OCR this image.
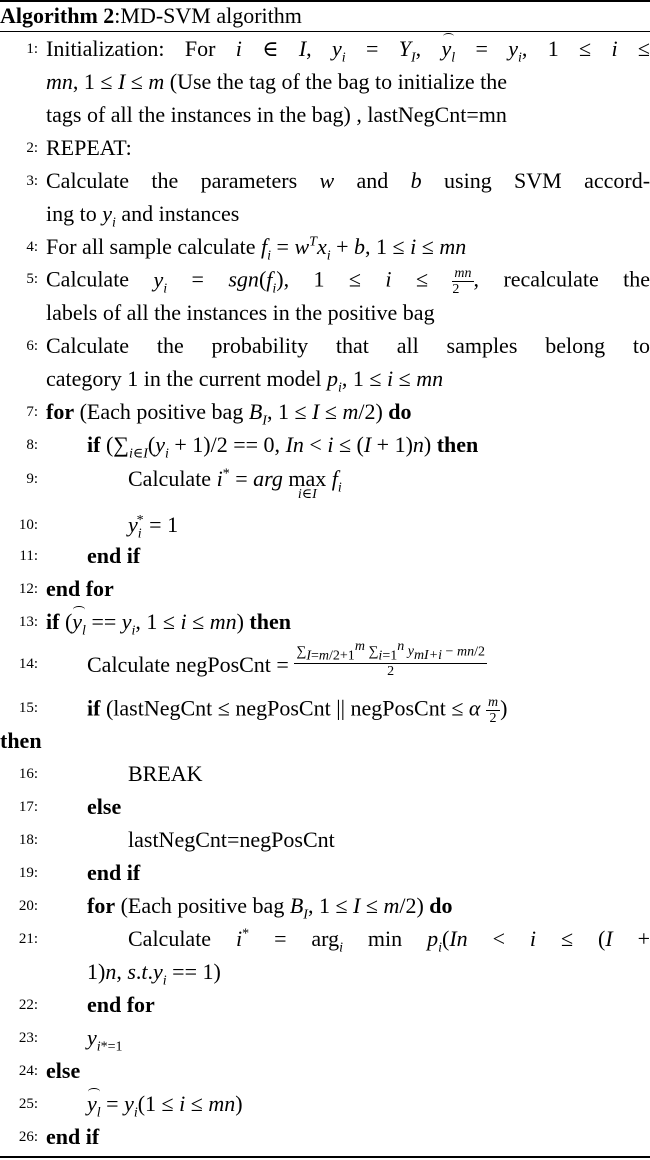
Algorithm 2:MD-SVM algorithm
1: Initialization: For i ∈ I, $y_i = Y_I$, $y_l = y_i$, 1 ≤ i ≤
mn, 1 ≤ I ≤ m (Use the tag of the bag to initialize the
tags of all the instances in the bag) , lastNegCnt=mn
2: REPEAT:
3: Calculate the parameters w and b using SVM accord-
ing to $y_i$ and instances
4: For all sample calculate $f_i = w^Tx_i + b$, 1 ≤ i ≤ mn
5: Calculate $y_i = sgn(f_i)$, $1 \le i \le \frac{mn}{2}$ , recalculate the
labels of all the instances in the positive bag
6: Calculate the probability that all samples belong to
category 1 in the current model $p_i$, 1 ≤ i ≤ mn
7: for (Each positive bag $B_I$, 1 ≤ I ≤ m/2) do
8: if ($\sum_{i\in I}(y_i + 1)/2 == 0$, In < i ≤ (I + 1)n) then
9:	Calculate i* = arg max
i∈I
$f_i$
10:	$y_i^* = 1$
11: end if
12: end for
13: if ($y_l == y_i$, 1 ≤ i ≤ mn) then
14: Calculate negPosCnt = $\frac{\sum_{I=m/2+1}^m \sum_{i=1}^n y_{mI+i} - mn/2}{2}$
15: if (lastNegCnt ≤ negPosCnt || negPosCnt ≤ α $\frac{m}{2}$ )
then
16:	BREAK
17: else
18:	lastNegCnt=negPosCnt
19: end if
20: for (Each positive bag $B_I$, 1 ≤ I ≤ m/2) do
21:	Calculate i* = arg$_i$ $\min p_i(In < i \le (I$ +
1)n, $s.t.y_i == 1$)
22: end for
23: $y_{i*=1}$
24: else
25: $y_l = y_i(1 \le i \le mn)$
26: end if
